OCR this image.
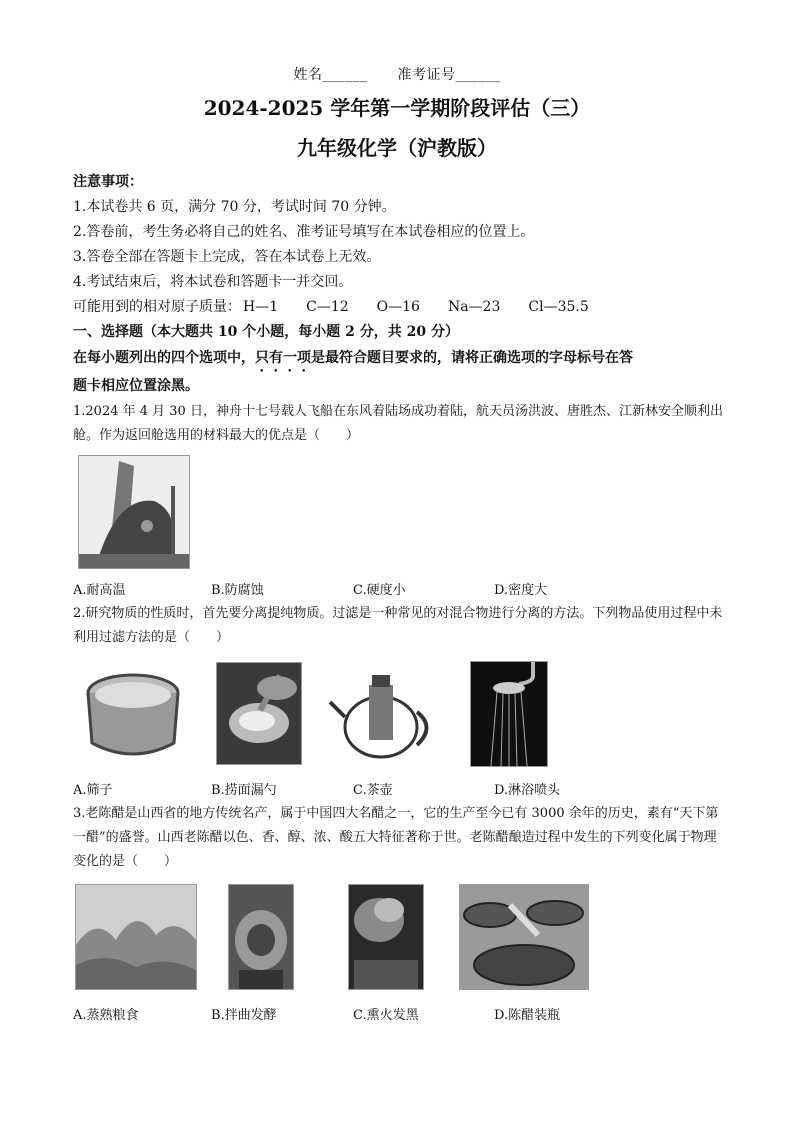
姓名______ 准考证号______
2024-2025 学年第一学期阶段评估（三）
九年级化学（沪教版）
注意事项：
1.本试卷共 6 页，满分 70 分，考试时间 70 分钟。
2.答卷前，考生务必将自己的姓名、准考证号填写在本试卷相应的位置上。
3.答卷全部在答题卡上完成，答在本试卷上无效。
4.考试结束后，将本试卷和答题卡一并交回。
可能用到的相对原子质量： H—1 C—12 O—16 Na—23 Cl—35.5
一、选择题（本大题共 10 个小题，每小题 2 分，共 20 分）
在每小题列出的四个选项中，只有一项是最符合题目要求的，请将正确选项的字母标号在答
题卡相应位置涂黑。
1.2024 年 4 月 30 日，神舟十七号载人飞船在东风着陆场成功着陆，航天员汤洪波、唐胜杰、江新林安全顺利出舱。作为返回舱选用的材料最大的优点是（　　）
A.耐高温	B.防腐蚀	C.硬度小	D.密度大
2.研究物质的性质时，首先要分离提纯物质。过滤是一种常见的对混合物进行分离的方法。下列物品使用过程中未利用过滤方法的是（　　）
A.筛子	B.捞面漏勺	C.茶壶	D.淋浴喷头
3.老陈醋是山西省的地方传统名产，属于中国四大名醋之一，它的生产至今已有 3000 余年的历史，素有“天下第一醋”的盛誉。山西老陈醋以色、香、醇、浓、酸五大特征著称于世。老陈醋酿造过程中发生的下列变化属于物理变化的是（　　）
A.蒸熟粮食	B.拌曲发酵	C.熏火发黑	D.陈醋装瓶
